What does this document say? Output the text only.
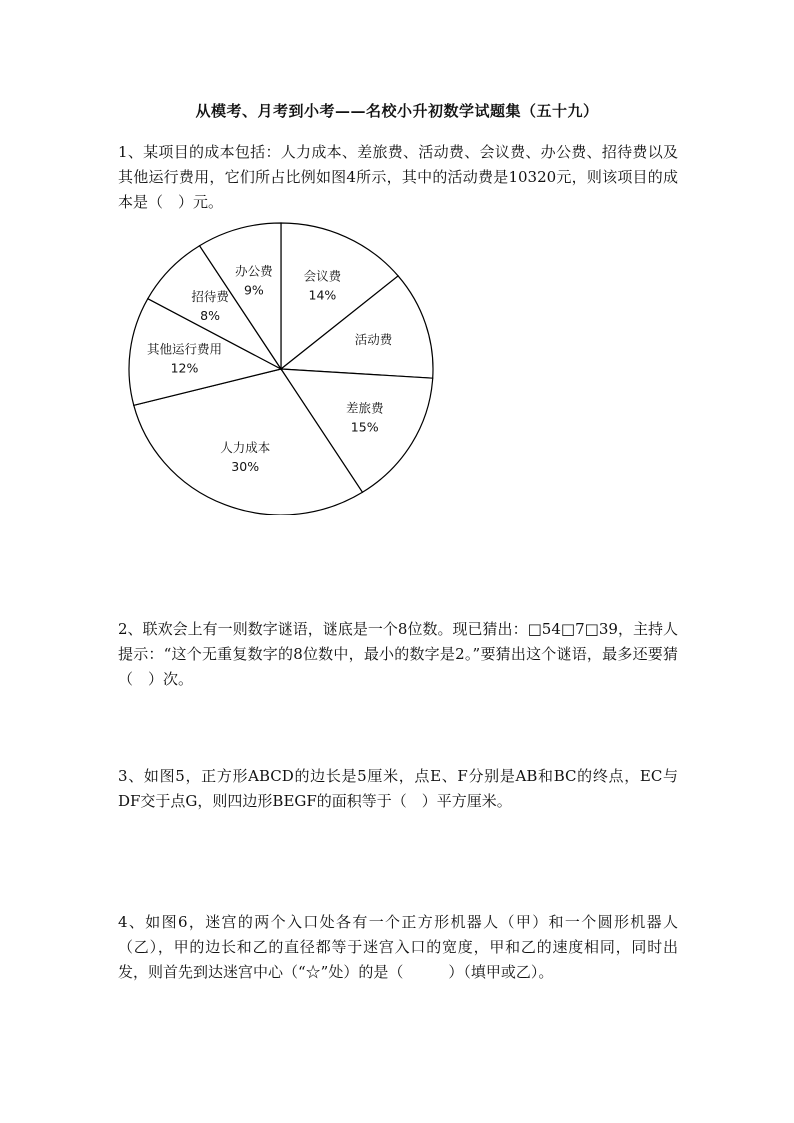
从模考、月考到小考——名校小升初数学试题集（五十九）

1、某项目的成本包括：人力成本、差旅费、活动费、会议费、办公费、招待费以及其他运行费用，它们所占比例如图4所示，其中的活动费是10320元，则该项目的成本是（　）元。

会议费
14%
活动费
差旅费
15%
人力成本
30%
其他运行费用
12%
招待费
8%
办公费
9%

2、联欢会上有一则数字谜语，谜底是一个8位数。现已猜出：□54□7□39，主持人提示：“这个无重复数字的8位数中，最小的数字是2。”要猜出这个谜语，最多还要猜（　）次。

3、如图5，正方形ABCD的边长是5厘米，点E、F分别是AB和BC的终点，EC与DF交于点G，则四边形BEGF的面积等于（　）平方厘米。

4、如图6，迷宫的两个入口处各有一个正方形机器人（甲）和一个圆形机器人（乙），甲的边长和乙的直径都等于迷宫入口的宽度，甲和乙的速度相同，同时出发，则首先到达迷宫中心（“☆”处）的是（　　　）（填甲或乙）。
